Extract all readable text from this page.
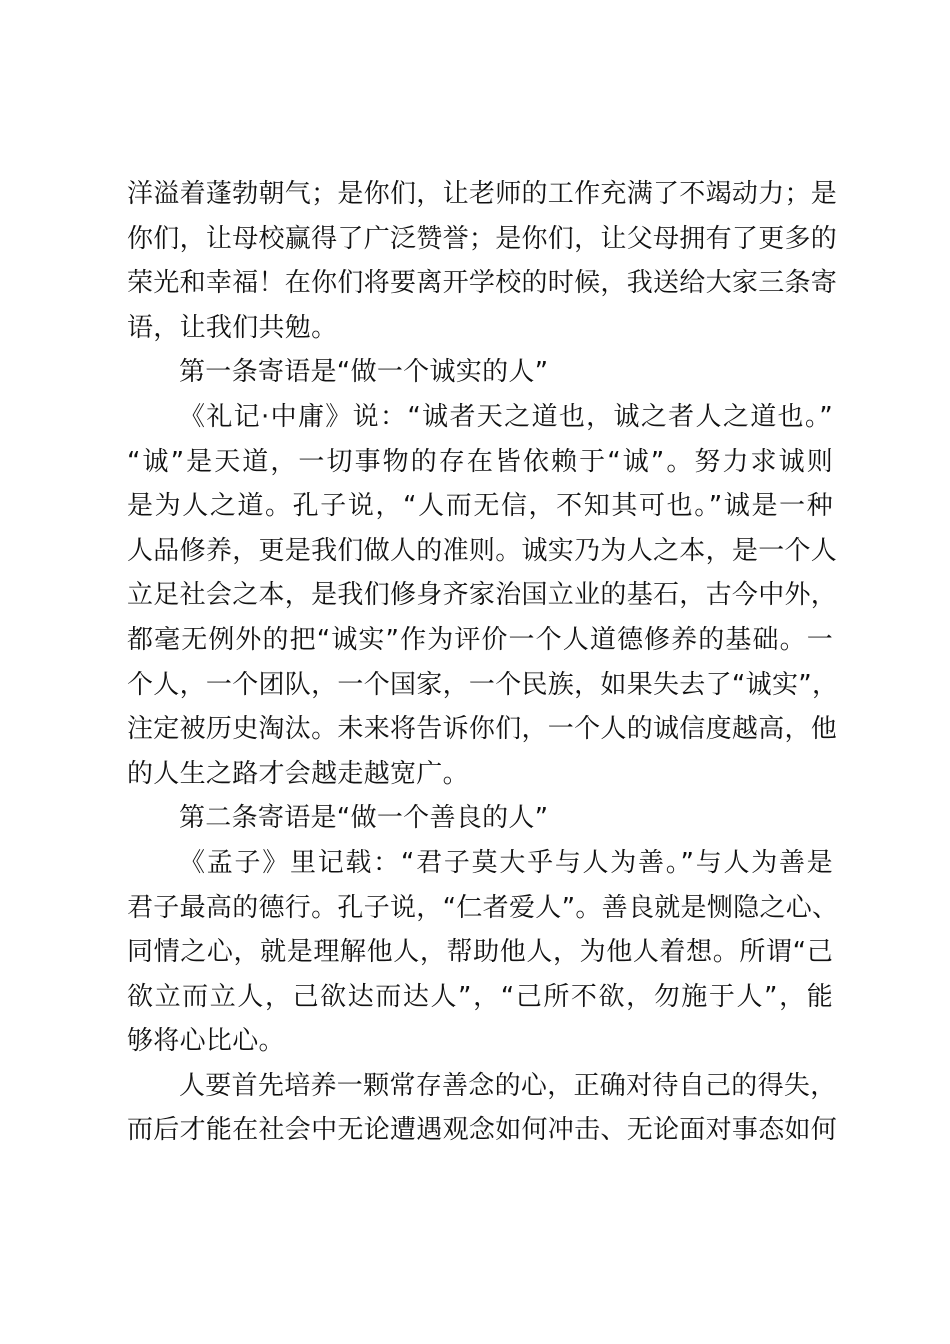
洋溢着蓬勃朝气；是你们，让老师的工作充满了不竭动力；是
你们，让母校赢得了广泛赞誉；是你们，让父母拥有了更多的
荣光和幸福！在你们将要离开学校的时候，我送给大家三条寄
语，让我们共勉。
第一条寄语是“做一个诚实的人”
《礼记·中庸》说：“诚者天之道也，诚之者人之道也。”
“诚”是天道，一切事物的存在皆依赖于“诚”。努力求诚则
是为人之道。孔子说，“人而无信，不知其可也。”诚是一种
人品修养，更是我们做人的准则。诚实乃为人之本，是一个人
立足社会之本，是我们修身齐家治国立业的基石，古今中外，
都毫无例外的把“诚实”作为评价一个人道德修养的基础。一
个人，一个团队，一个国家，一个民族，如果失去了“诚实”，
注定被历史淘汰。未来将告诉你们，一个人的诚信度越高，他
的人生之路才会越走越宽广。
第二条寄语是“做一个善良的人”
《孟子》里记载：“君子莫大乎与人为善。”与人为善是
君子最高的德行。孔子说，“仁者爱人”。善良就是恻隐之心、
同情之心，就是理解他人，帮助他人，为他人着想。所谓“己
欲立而立人，己欲达而达人”，“己所不欲，勿施于人”，能
够将心比心。
人要首先培养一颗常存善念的心，正确对待自己的得失，
而后才能在社会中无论遭遇观念如何冲击、无论面对事态如何
